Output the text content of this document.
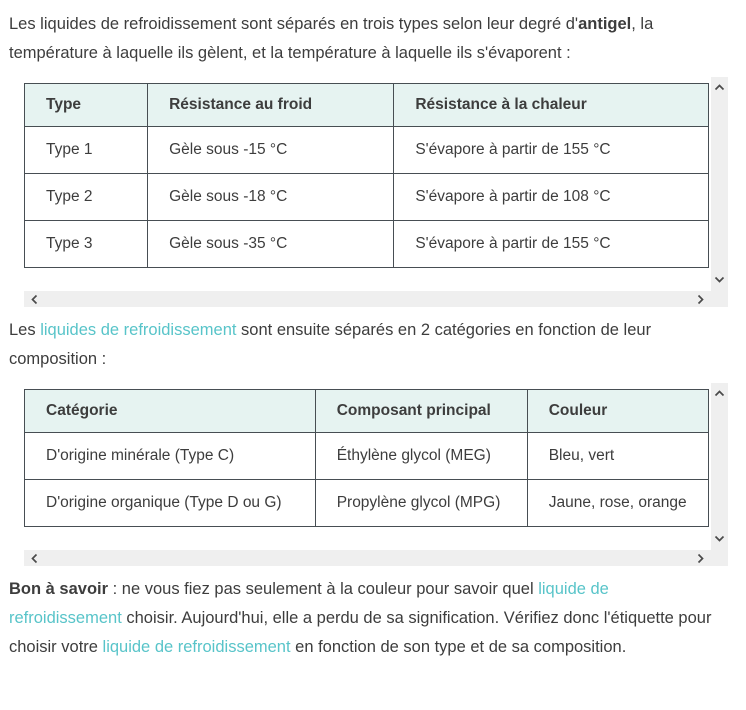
Les liquides de refroidissement sont séparés en trois types selon leur degré d'antigel, la température à laquelle ils gèlent, et la température à laquelle ils s'évaporent :

Type	Résistance au froid	Résistance à la chaleur
Type 1	Gèle sous -15 °C	S'évapore à partir de 155 °C
Type 2	Gèle sous -18 °C	S'évapore à partir de 108 °C
Type 3	Gèle sous -35 °C	S'évapore à partir de 155 °C

Les liquides de refroidissement sont ensuite séparés en 2 catégories en fonction de leur composition :

Catégorie	Composant principal	Couleur
D'origine minérale (Type C)	Éthylène glycol (MEG)	Bleu, vert
D'origine organique (Type D ou G)	Propylène glycol (MPG)	Jaune, rose, orange

Bon à savoir : ne vous fiez pas seulement à la couleur pour savoir quel liquide de refroidissement choisir. Aujourd'hui, elle a perdu de sa signification. Vérifiez donc l'étiquette pour choisir votre liquide de refroidissement en fonction de son type et de sa composition.
